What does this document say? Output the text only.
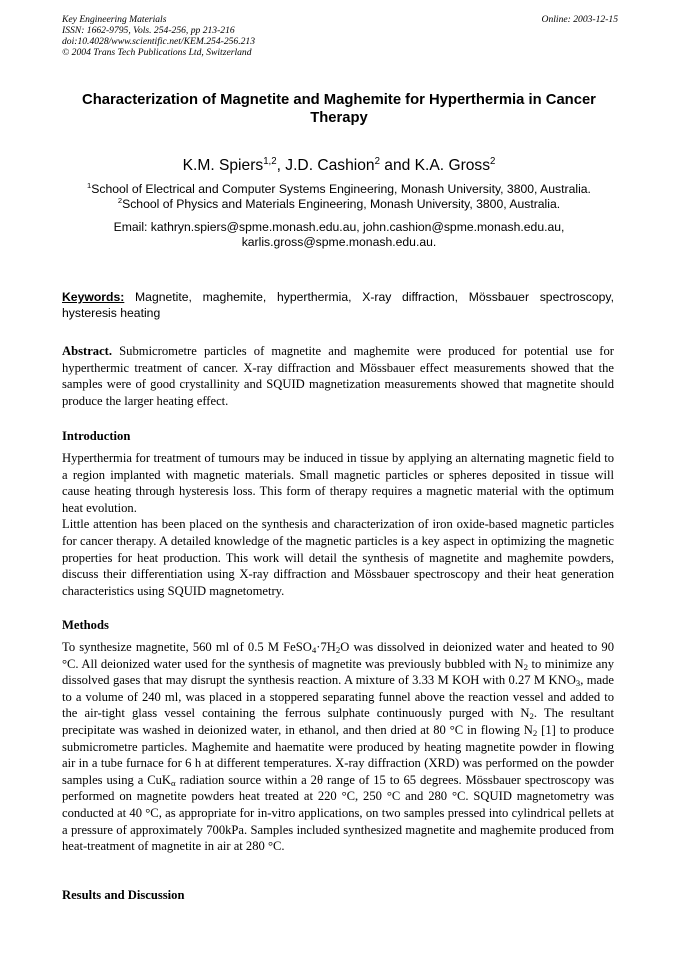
Key Engineering Materials
ISSN: 1662-9795, Vols. 254-256, pp 213-216
doi:10.4028/www.scientific.net/KEM.254-256.213
© 2004 Trans Tech Publications Ltd, Switzerland
Online: 2003-12-15
Characterization of Magnetite and Maghemite for Hyperthermia in Cancer Therapy
K.M. Spiers$^{1,2}$, J.D. Cashion$^2$ and K.A. Gross$^2$
$^1$School of Electrical and Computer Systems Engineering, Monash University, 3800, Australia.
$^2$School of Physics and Materials Engineering, Monash University, 3800, Australia.
Email: kathryn.spiers@spme.monash.edu.au, john.cashion@spme.monash.edu.au,
karlis.gross@spme.monash.edu.au.
Keywords: Magnetite, maghemite, hyperthermia, X-ray diffraction, Mössbauer spectroscopy, hysteresis heating

Abstract. Submicrometre particles of magnetite and maghemite were produced for potential use for hyperthermic treatment of cancer. X-ray diffraction and Mössbauer effect measurements showed that the samples were of good crystallinity and SQUID magnetization measurements showed that magnetite should produce the larger heating effect.

Introduction

Hyperthermia for treatment of tumours may be induced in tissue by applying an alternating magnetic field to a region implanted with magnetic materials. Small magnetic particles or spheres deposited in tissue will cause heating through hysteresis loss. This form of therapy requires a magnetic material with the optimum heat evolution.

Little attention has been placed on the synthesis and characterization of iron oxide-based magnetic particles for cancer therapy. A detailed knowledge of the magnetic particles is a key aspect in optimizing the magnetic properties for heat production. This work will detail the synthesis of magnetite and maghemite powders, discuss their differentiation using X-ray diffraction and Mössbauer spectroscopy and their heat generation characteristics using SQUID magnetometry.

Methods

To synthesize magnetite, 560 ml of 0.5 M $FeSO_4\cdot 7H_2O$ was dissolved in deionized water and heated to 90 °C. All deionized water used for the synthesis of magnetite was previously bubbled with $N_2$ to minimize any dissolved gases that may disrupt the synthesis reaction. A mixture of 3.33 M KOH with 0.27 M $KNO_3$, made to a volume of 240 ml, was placed in a stoppered separating funnel above the reaction vessel and added to the air-tight glass vessel containing the ferrous sulphate continuously purged with $N_2$. The resultant precipitate was washed in deionized water, in ethanol, and then dried at 80 °C in flowing $N_2$ [1] to produce submicrometre particles. Maghemite and haematite were produced by heating magnetite powder in flowing air in a tube furnace for 6 h at different temperatures. X-ray diffraction (XRD) was performed on the powder samples using a CuK$_\alpha$ radiation source within a 2θ range of 15 to 65 degrees. Mössbauer spectroscopy was performed on magnetite powders heat treated at 220 °C, 250 °C and 280 °C. SQUID magnetometry was conducted at 40 °C, as appropriate for in-vitro applications, on two samples pressed into cylindrical pellets at a pressure of approximately 700kPa. Samples included synthesized magnetite and maghemite produced from heat-treatment of magnetite in air at 280 °C.

Results and Discussion
